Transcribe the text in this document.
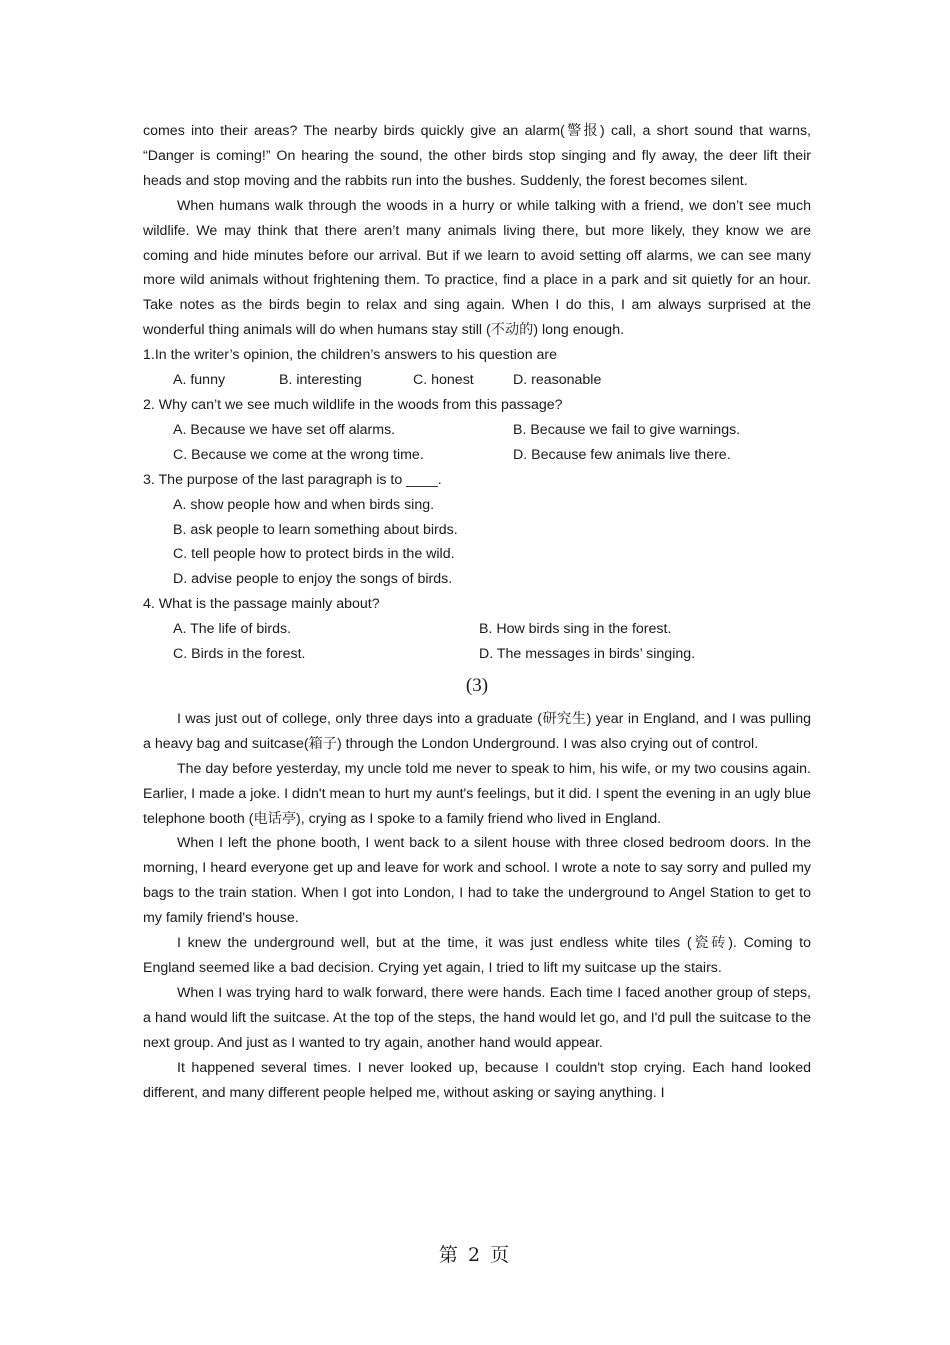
comes into their areas? The nearby birds quickly give an alarm(警报) call, a short sound that warns, “Danger is coming!” On hearing the sound, the other birds stop singing and fly away, the deer lift their heads and stop moving and the rabbits run into the bushes. Suddenly, the forest becomes silent.

When humans walk through the woods in a hurry or while talking with a friend, we don’t see much wildlife. We may think that there aren’t many animals living there, but more likely, they know we are coming and hide minutes before our arrival. But if we learn to avoid setting off alarms, we can see many more wild animals without frightening them. To practice, find a place in a park and sit quietly for an hour. Take notes as the birds begin to relax and sing again. When I do this, I am always surprised at the wonderful thing animals will do when humans stay still (不动的) long enough.

1.In the writer’s opinion, the children’s answers to his question are

A. funny	B. interesting	C. honest	D. reasonable

2. Why can’t we see much wildlife in the woods from this passage?

A. Because we have set off alarms.	B. Because we fail to give warnings.
C. Because we come at the wrong time.	D. Because few animals live there.

3. The purpose of the last paragraph is to ____.

A. show people how and when birds sing.

B. ask people to learn something about birds.

C. tell people how to protect birds in the wild.

D. advise people to enjoy the songs of birds.

4. What is the passage mainly about?

A. The life of birds.	B. How birds sing in the forest.
C. Birds in the forest.	D. The messages in birds’ singing.
(3)

I was just out of college, only three days into a graduate (研究生) year in England, and I was pulling a heavy bag and suitcase(箱子) through the London Underground. I was also crying out of control.

The day before yesterday, my uncle told me never to speak to him, his wife, or my two cousins again. Earlier, I made a joke. I didn't mean to hurt my aunt's feelings, but it did. I spent the evening in an ugly blue telephone booth (电话亭), crying as I spoke to a family friend who lived in England.

When I left the phone booth, I went back to a silent house with three closed bedroom doors. In the morning, I heard everyone get up and leave for work and school. I wrote a note to say sorry and pulled my bags to the train station. When I got into London, I had to take the underground to Angel Station to get to my family friend's house.

I knew the underground well, but at the time, it was just endless white tiles (瓷砖). Coming to England seemed like a bad decision. Crying yet again, I tried to lift my suitcase up the stairs.

When I was trying hard to walk forward, there were hands. Each time I faced another group of steps, a hand would lift the suitcase. At the top of the steps, the hand would let go, and I'd pull the suitcase to the next group. And just as I wanted to try again, another hand would appear.

It happened several times. I never looked up, because I couldn't stop crying. Each hand looked different, and many different people helped me, without asking or saying anything. I

第 2 页
